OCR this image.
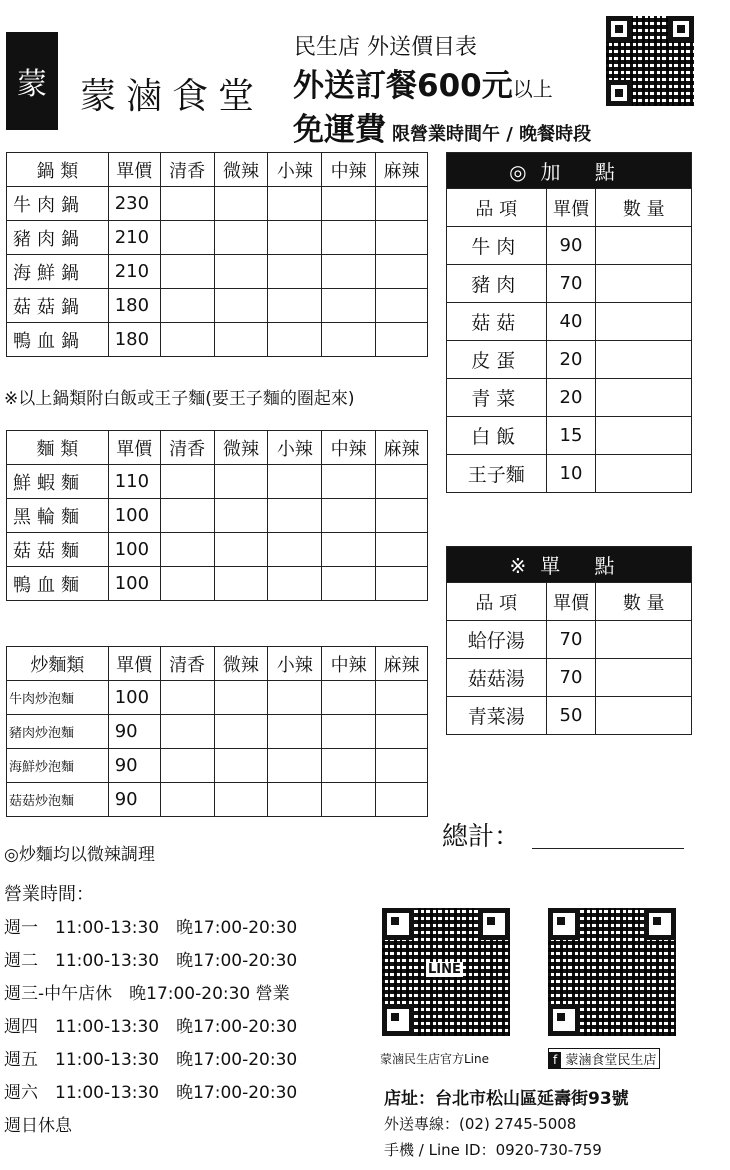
蒙 蒙滷食堂
民生店 外送價目表
外送訂餐600元以上
免運費 限營業時間午 / 晚餐時段
鍋 類	單價	清香	微辣	小辣	中辣	麻辣
牛肉鍋	230					
豬肉鍋	210					
海鮮鍋	210					
菇菇鍋	180					
鴨血鍋	180					
※以上鍋類附白飯或王子麵(要王子麵的圈起來)
麵 類	單價	清香	微辣	小辣	中辣	麻辣
鮮蝦麵	110					
黑輪麵	100					
菇菇麵	100					
鴨血麵	100					
炒麵類	單價	清香	微辣	小辣	中辣	麻辣
牛肉炒泡麵	100					
豬肉炒泡麵	90					
海鮮炒泡麵	90					
菇菇炒泡麵	90					
◎炒麵均以微辣調理
◎加 點		
品 項	單價	數 量
牛肉	90	
豬肉	70	
菇菇	40	
皮蛋	20	
青菜	20	
白飯	15	
王子麵	10	
※單 點		
品 項	單價	數 量
蛤仔湯	70	
菇菇湯	70	
青菜湯	50	
總計：
營業時間：
週一　11:00-13:30　晚17:00-20:30
週二　11:00-13:30　晚17:00-20:30
週三-中午店休　晚17:00-20:30 營業
週四　11:00-13:30　晚17:00-20:30
週五　11:00-13:30　晚17:00-20:30
週六　11:00-13:30　晚17:00-20:30
週日休息
LINE
蒙滷民生店官方Line	f 蒙滷食堂民生店
店址：台北市松山區延壽街93號
外送專線：(02) 2745-5008
手機 / Line ID：0920-730-759
